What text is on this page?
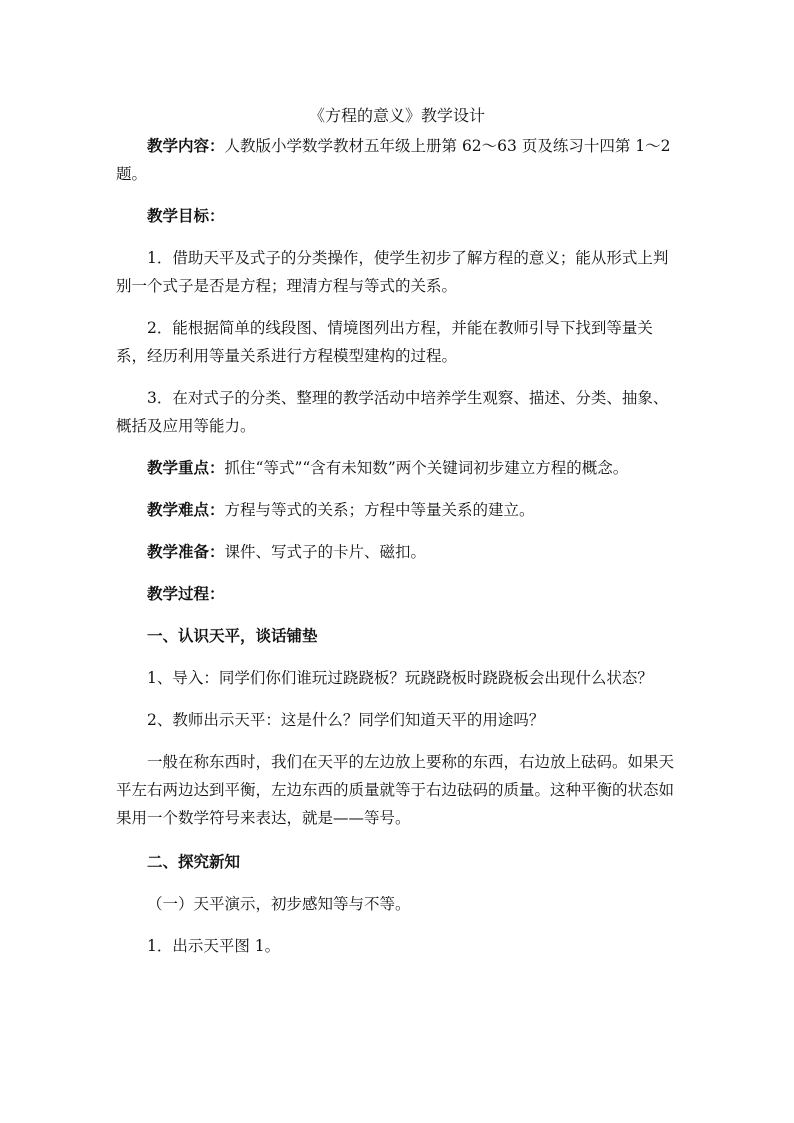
《方程的意义》教学设计

教学内容：人教版小学数学教材五年级上册第 62～63 页及练习十四第 1～2 题。

教学目标：

1．借助天平及式子的分类操作，使学生初步了解方程的意义；能从形式上判别一个式子是否是方程；理清方程与等式的关系。

2．能根据简单的线段图、情境图列出方程，并能在教师引导下找到等量关系，经历利用等量关系进行方程模型建构的过程。

3．在对式子的分类、整理的教学活动中培养学生观察、描述、分类、抽象、概括及应用等能力。

教学重点：抓住“等式”“含有未知数”两个关键词初步建立方程的概念。

教学难点：方程与等式的关系；方程中等量关系的建立。

教学准备：课件、写式子的卡片、磁扣。

教学过程：

一、认识天平，谈话铺垫

1、导入：同学们你们谁玩过跷跷板？玩跷跷板时跷跷板会出现什么状态？

2、教师出示天平：这是什么？同学们知道天平的用途吗？

一般在称东西时，我们在天平的左边放上要称的东西，右边放上砝码。如果天平左右两边达到平衡，左边东西的质量就等于右边砝码的质量。这种平衡的状态如果用一个数学符号来表达，就是——等号。

二、探究新知

（一）天平演示，初步感知等与不等。

1．出示天平图 1。
